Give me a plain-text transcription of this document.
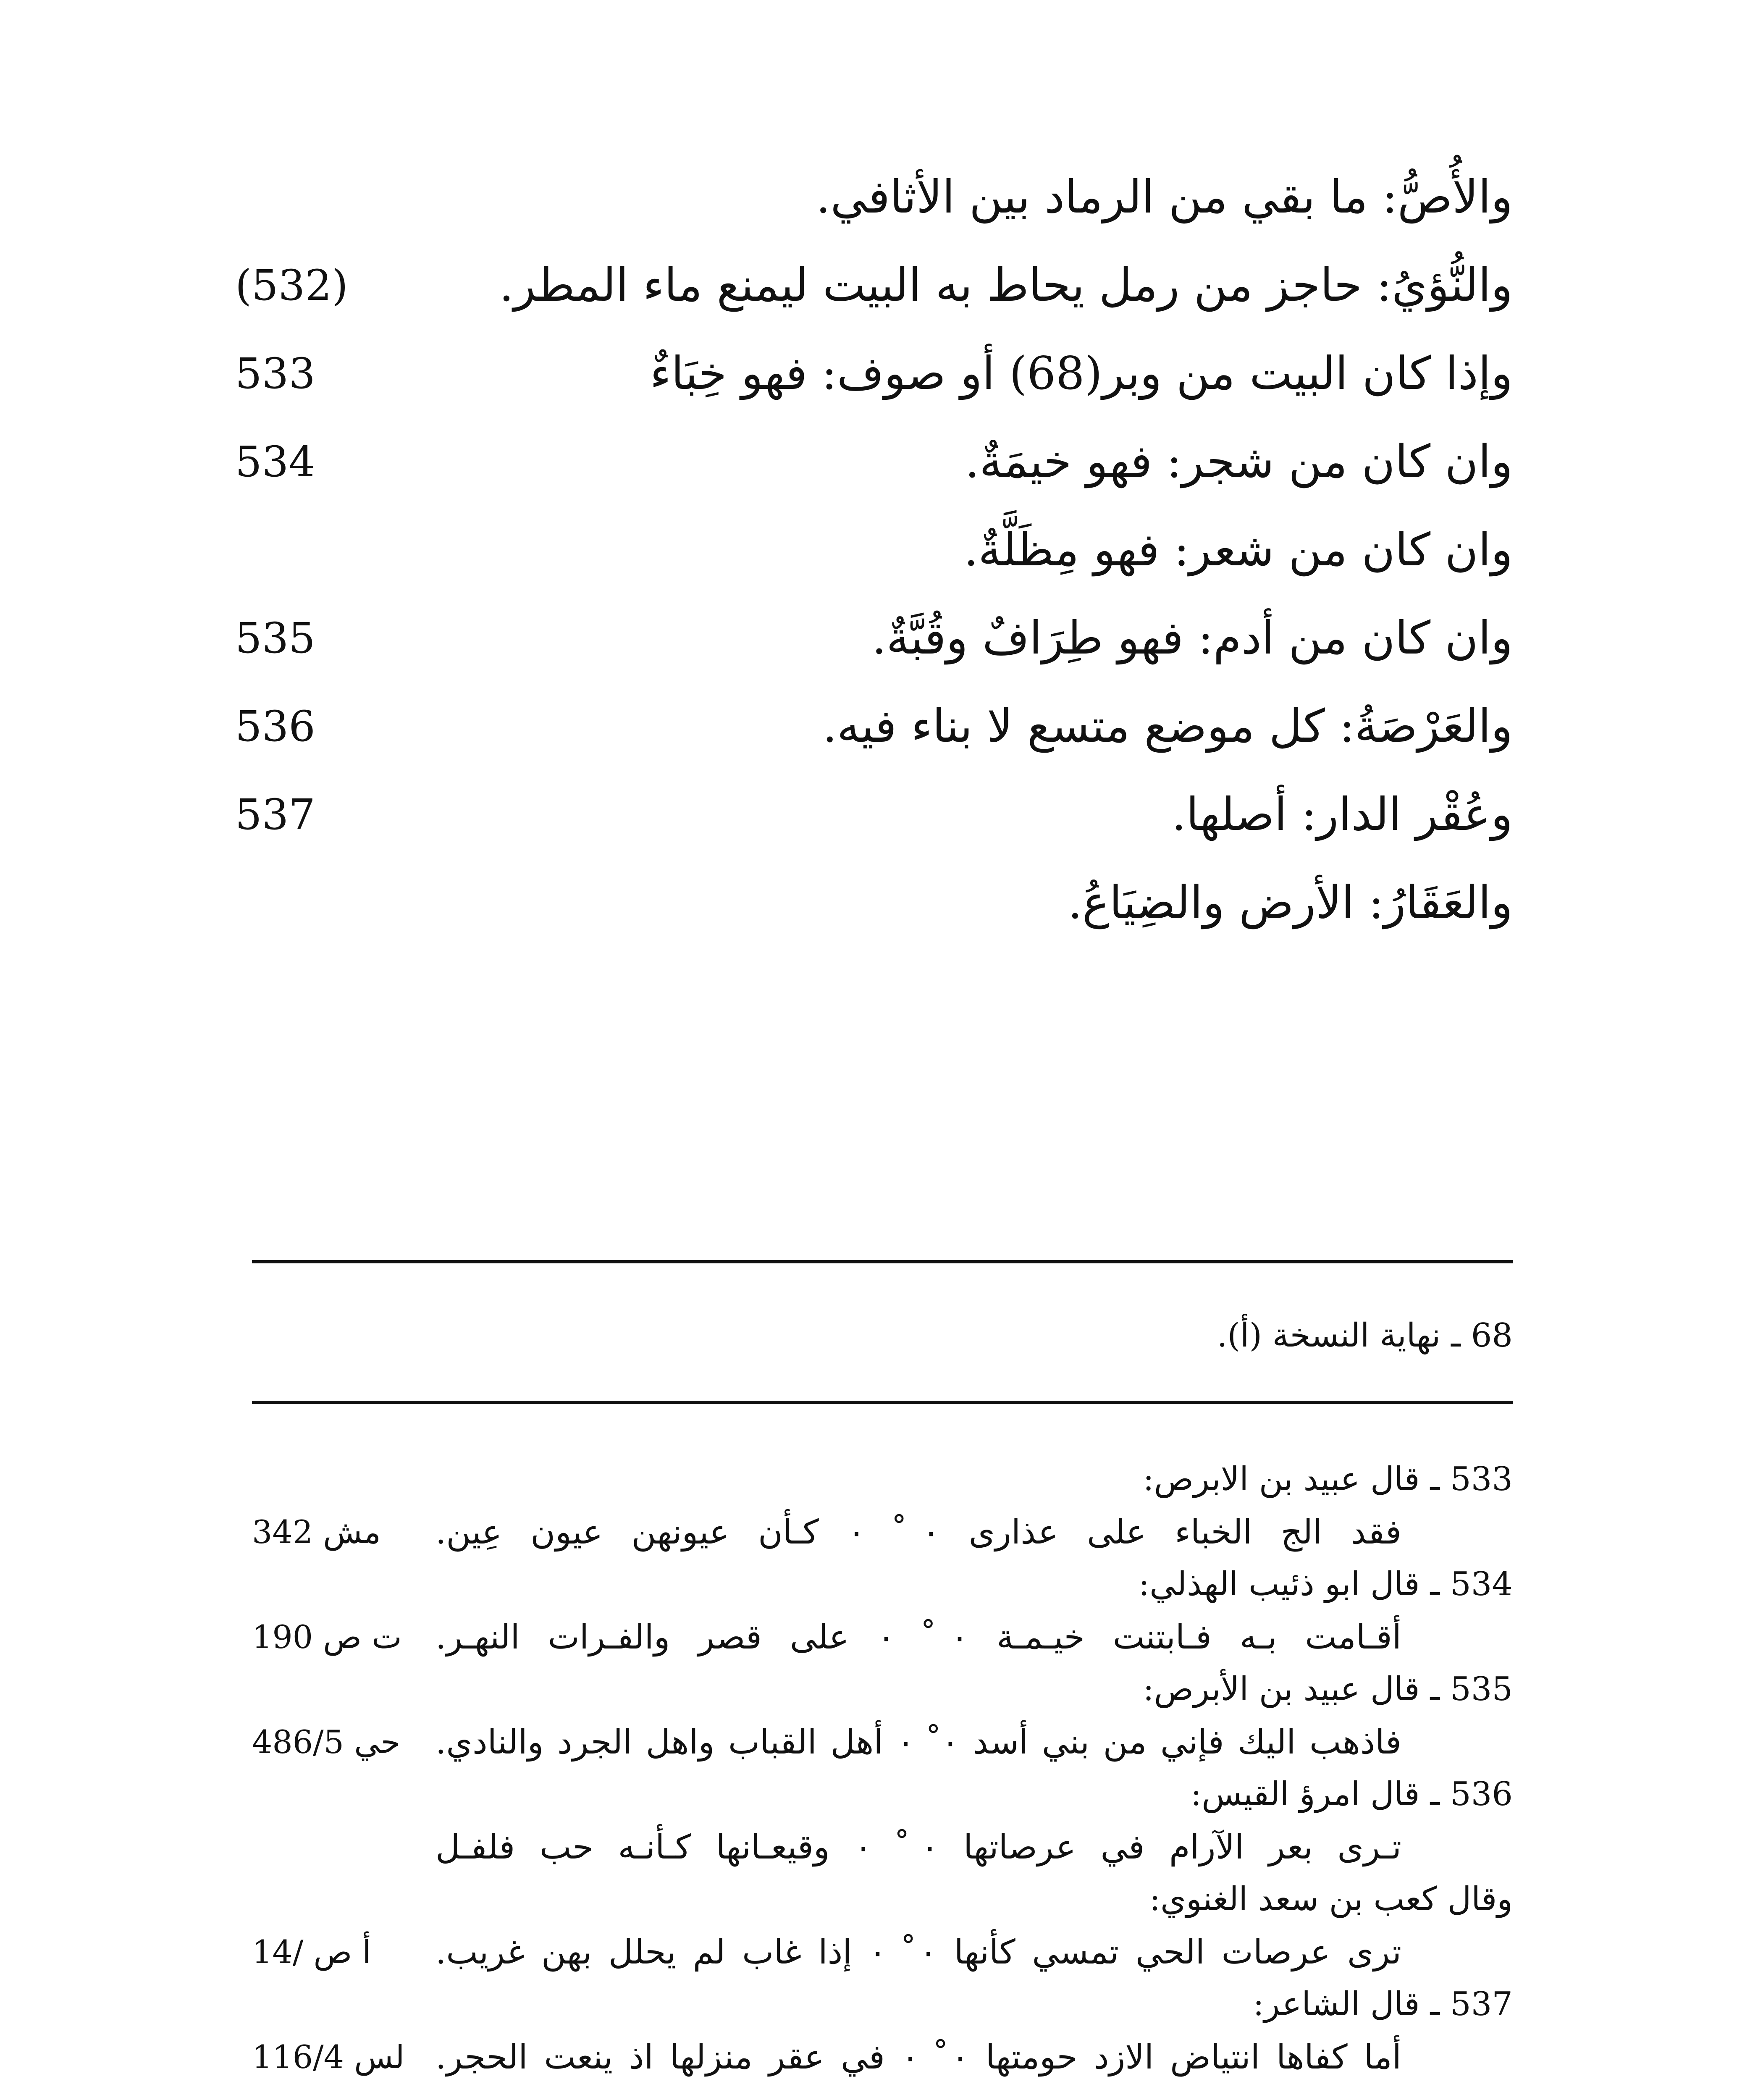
والأُصُّ: ما بقي من الرماد بين الأثافي.
والنُّؤيُ: حاجز من رمل يحاط به البيت ليمنع ماء المطر.
(532)
وإذا كان البيت من وبر(68) أو صوف: فهو خِبَاءٌ
533
وان كان من شجر: فهو خيمَةٌ.
534
وان كان من شعر: فهو مِظَلَّةٌ.
وان كان من أدم: فهو طِرَافٌ وقُبَّةٌ.
535
والعَرْصَةُ: كل موضع متسع لا بناء فيه.
536
وعُقْر الدار: أصلها.
537
والعَقَارُ: الأرض والضِيَاعُ.
68 ـ نهاية النسخة (أ).
533 ـ قال عبيد بن الابرص:
فقد الج الخباء على عذارى ٠ ْ ٠ كـأن عيونهن عيون عِين.
مش 342
534 ـ قال ابو ذئيب الهذلي:
أقـامت بـه فـابتنت خيـمـة ٠ ْ ٠ على قصر والفـرات النهـر.
ت ص 190
535 ـ قال عبيد بن الأبرص:
فاذهب اليك فإني من بني أسد ٠ ْ ٠ أهل القباب واهل الجرد والنادي.
حي 486/5
536 ـ قال امرؤ القيس:
تـرى بعر الآرام في عرصاتها ٠ ْ ٠ وقيعـانها كـأنـه حب فلفـل
وقال كعب بن سعد الغنوي:
ترى عرصات الحي تمسي كأنها ٠ ْ ٠ إذا غاب لم يحلل بهن غريب.
أ ص /14
537 ـ قال الشاعر:
أما كفاها انتياض الازد حومتها ٠ ْ ٠ في عقر منزلها اذ ينعت الحجر.
لس 116/4
